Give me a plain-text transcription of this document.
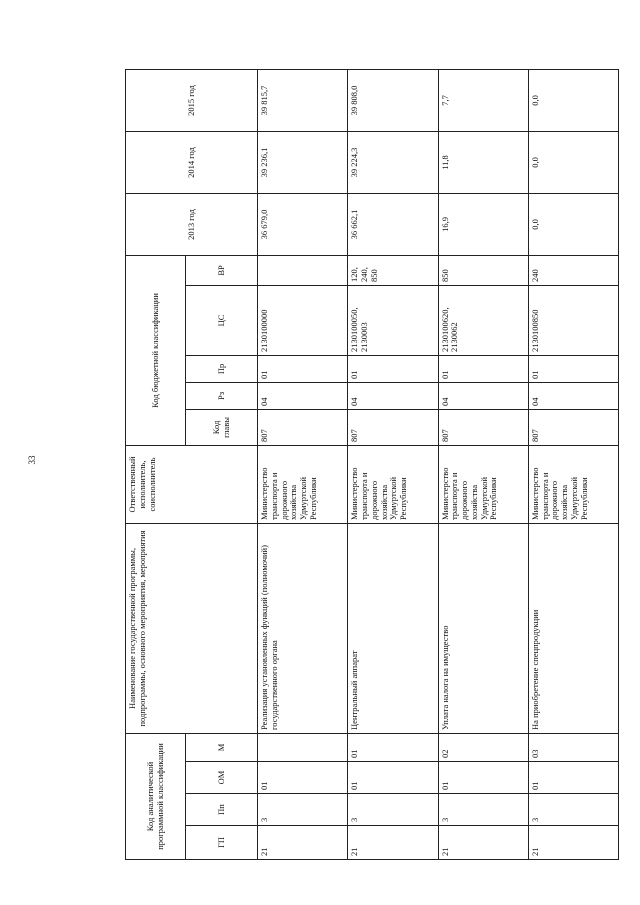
33
Код аналитической программной классификации				Наименование государственной программы, подпрограммы, основного мероприятия, мероприятия	Ответственный исполнитель, соисполнитель	Код бюджетной классификации					2013 год	2014 год	2015 год
ГП	Пп	ОМ	М			Код главы	Рз	Пр	ЦС	ВР			
21	3	01		Реализация установленных функций (полномочий) государственного органа	Министерство транспорта и дорожного хозяйства Удмуртской Республики	807	04	01	2130100000		36 679,0	39 236,1	39 815,7
21	3	01	01	Центральный аппарат	Министерство транспорта и дорожного хозяйства Удмуртской Республики	807	04	01	2130100050, 2130003	120, 240, 850	36 662,1	39 224,3	39 808,0
21	3	01	02	Уплата налога на имущество	Министерство транспорта и дорожного хозяйства Удмуртской Республики	807	04	01	2130100620, 2130062	850	16,9	11,8	7,7
21	3	01	03	На приобретение спецпродукции	Министерство транспорта и дорожного хозяйства Удмуртской Республики	807	04	01	2130100850	240	0,0	0,0	0,0
